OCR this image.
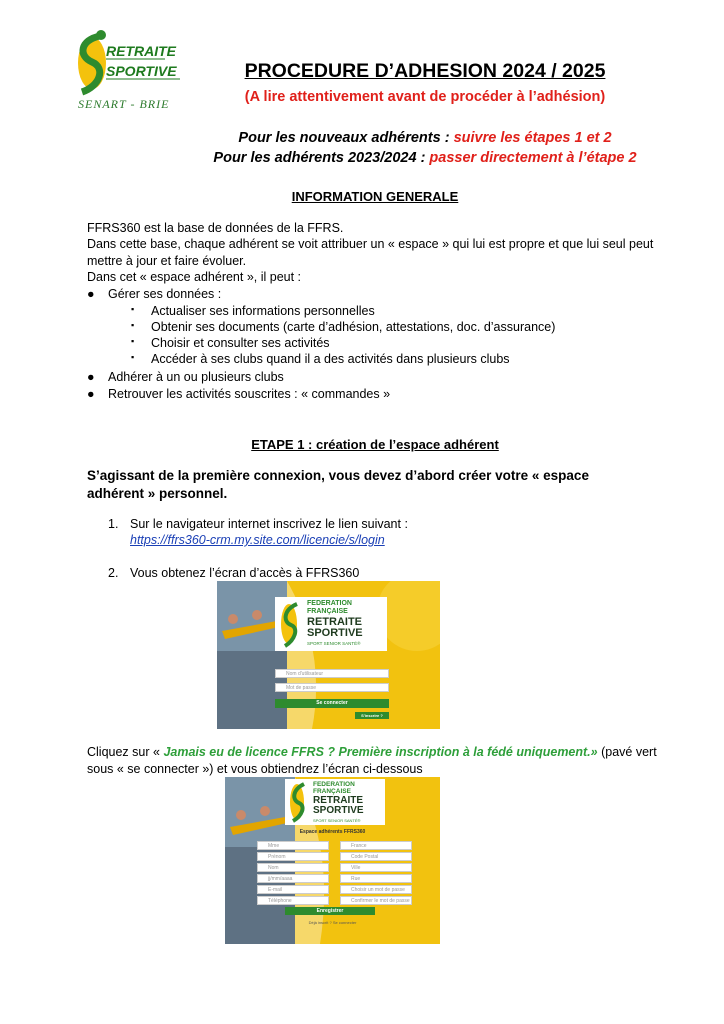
RETRAITE
SPORTIVE
SENART - BRIE
PROCEDURE D’ADHESION 2024 / 2025
(A lire attentivement avant de procéder à l’adhésion)
Pour les nouveaux adhérents : suivre les étapes 1 et 2
Pour les adhérents 2023/2024 : passer directement à l’étape 2
INFORMATION GENERALE
FFRS360 est la base de données de la FFRS.
Dans cette base, chaque adhérent se voit attribuer un « espace » qui lui est propre et que lui seul peut mettre à jour et faire évoluer.
Dans cet « espace adhérent », il peut :
● Gérer ses données :
▪ Actualiser ses informations personnelles
▪ Obtenir ses documents (carte d’adhésion, attestations, doc. d’assurance)
▪ Choisir et consulter ses activités
▪ Accéder à ses clubs quand il a des activités dans plusieurs clubs
● Adhérer à un ou plusieurs clubs
● Retrouver les activités souscrites : « commandes »
ETAPE 1 : création de l’espace adhérent
S’agissant de la première connexion, vous devez d’abord créer votre « espace adhérent » personnel.
1. Sur le navigateur internet inscrivez le lien suivant :
https://ffrs360-crm.my.site.com/licencie/s/login
2. Vous obtenez l’écran d’accès à FFRS360
FEDERATION
FRANÇAISE
RETRAITE
SPORTIVE
SPORT SENIOR SANTÉ®
Nom d'utilisateur
Mot de passe
Se connecter
S'inscrire ?
Cliquez sur « Jamais eu de licence FFRS ? Première inscription à la fédé uniquement.» (pavé vert sous « se connecter ») et vous obtiendrez l’écran ci-dessous
FEDERATION
FRANÇAISE
RETRAITE
SPORTIVE
SPORT SENIOR SANTÉ®
Espace adhérents FFRS360
Mme
Prénom
Nom
jj/mm/aaaa
E-mail
Téléphone
France
Code Postal
Ville
Rue
Choisir un mot de passe
Confirmer le mot de passe
Enregistrer
Déjà inscrit ? Se connecter
